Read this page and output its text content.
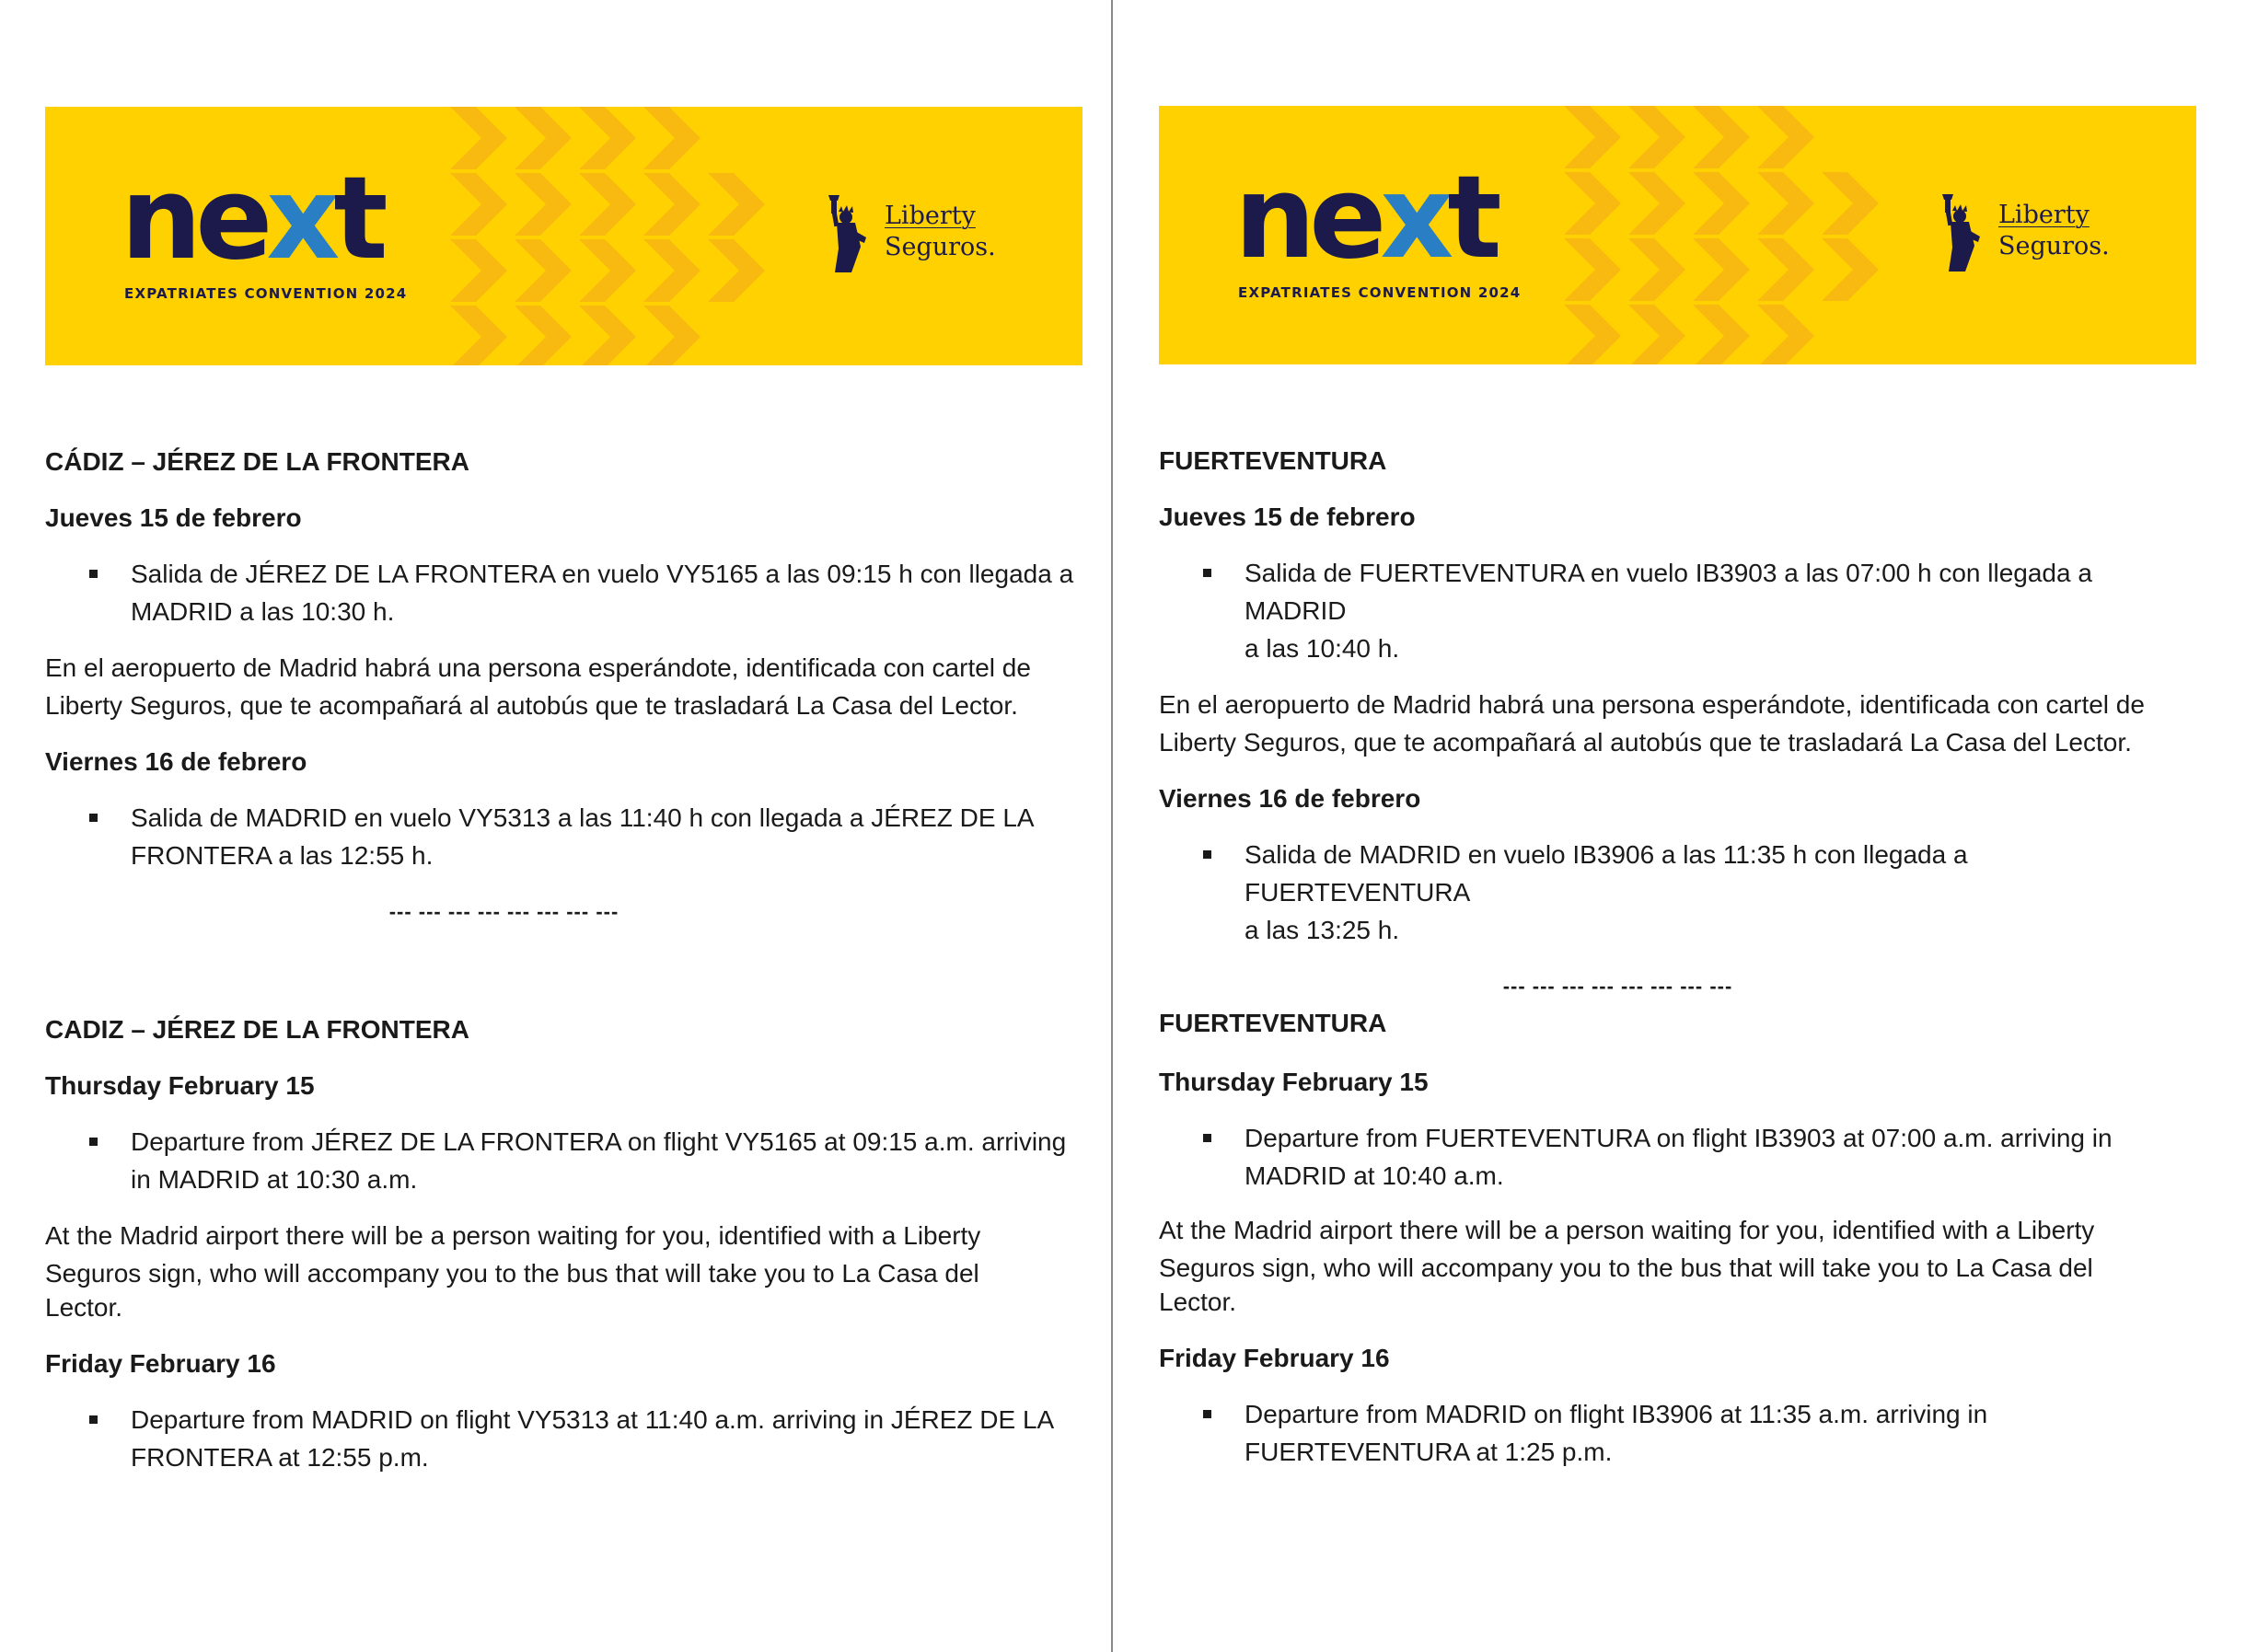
next
EXPATRIATES CONVENTION 2024
Liberty
Seguros.
CÁDIZ – JÉREZ DE LA FRONTERA
Jueves 15 de febrero
Salida de JÉREZ DE LA FRONTERA en vuelo VY5165 a las 09:15 h con llegada a
MADRID a las 10:30 h.

En el aeropuerto de Madrid habrá una persona esperándote, identificada con cartel de

Liberty Seguros, que te acompañará al autobús que te trasladará La Casa del Lector.

Viernes 16 de febrero
Salida de MADRID en vuelo VY5313 a las 11:40 h con llegada a JÉREZ DE LA
FRONTERA a las 12:55 h.
--- --- --- --- --- --- --- ---
CADIZ – JÉREZ DE LA FRONTERA
Thursday February 15
Departure from JÉREZ DE LA FRONTERA on flight VY5165 at 09:15 a.m. arriving
in MADRID at 10:30 a.m.

At the Madrid airport there will be a person waiting for you, identified with a Liberty

Seguros sign, who will accompany you to the bus that will take you to La Casa del

Lector.

Friday February 16
Departure from MADRID on flight VY5313 at 11:40 a.m. arriving in JÉREZ DE LA
FRONTERA at 12:55 p.m.
next
EXPATRIATES CONVENTION 2024
Liberty
Seguros.
FUERTEVENTURA
Jueves 15 de febrero
Salida de FUERTEVENTURA en vuelo IB3903 a las 07:00 h con llegada a MADRID
a las 10:40 h.

En el aeropuerto de Madrid habrá una persona esperándote, identificada con cartel de

Liberty Seguros, que te acompañará al autobús que te trasladará La Casa del Lector.

Viernes 16 de febrero
Salida de MADRID en vuelo IB3906 a las 11:35 h con llegada a FUERTEVENTURA
a las 13:25 h.
--- --- --- --- --- --- --- ---
FUERTEVENTURA
Thursday February 15
Departure from FUERTEVENTURA on flight IB3903 at 07:00 a.m. arriving in
MADRID at 10:40 a.m.

At the Madrid airport there will be a person waiting for you, identified with a Liberty

Seguros sign, who will accompany you to the bus that will take you to La Casa del

Lector.

Friday February 16
Departure from MADRID on flight IB3906 at 11:35 a.m. arriving in
FUERTEVENTURA at 1:25 p.m.
